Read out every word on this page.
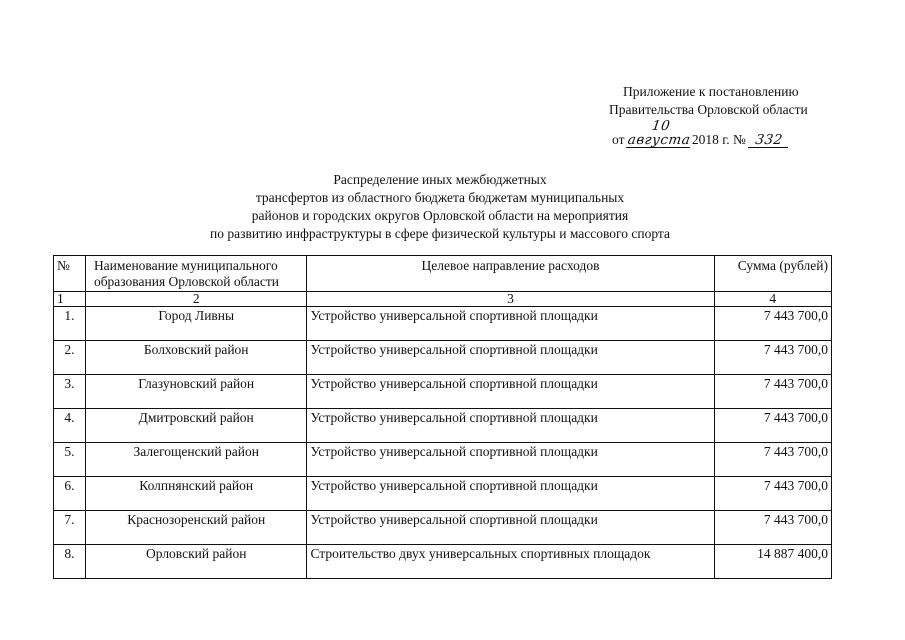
Приложение к постановлению
Правительства Орловской области
от 10 августа2018 г. № 332
Распределение иных межбюджетных
трансфертов из областного бюджета бюджетам муниципальных
районов и городских округов Орловской области на мероприятия
по развитию инфраструктуры в сфере физической культуры и массового спорта
№	Наименование муниципального образования Орловской области	Целевое направление расходов	Сумма (рублей)
1	2	3	4
1.	Город Ливны	Устройство универсальной спортивной площадки	7 443 700,0
2.	Болховский район	Устройство универсальной спортивной площадки	7 443 700,0
3.	Глазуновский район	Устройство универсальной спортивной площадки	7 443 700,0
4.	Дмитровский район	Устройство универсальной спортивной площадки	7 443 700,0
5.	Залегощенский район	Устройство универсальной спортивной площадки	7 443 700,0
6.	Колпнянский район	Устройство универсальной спортивной площадки	7 443 700,0
7.	Краснозоренский район	Устройство универсальной спортивной площадки	7 443 700,0
8.	Орловский район	Строительство двух универсальных спортивных площадок	14 887 400,0
